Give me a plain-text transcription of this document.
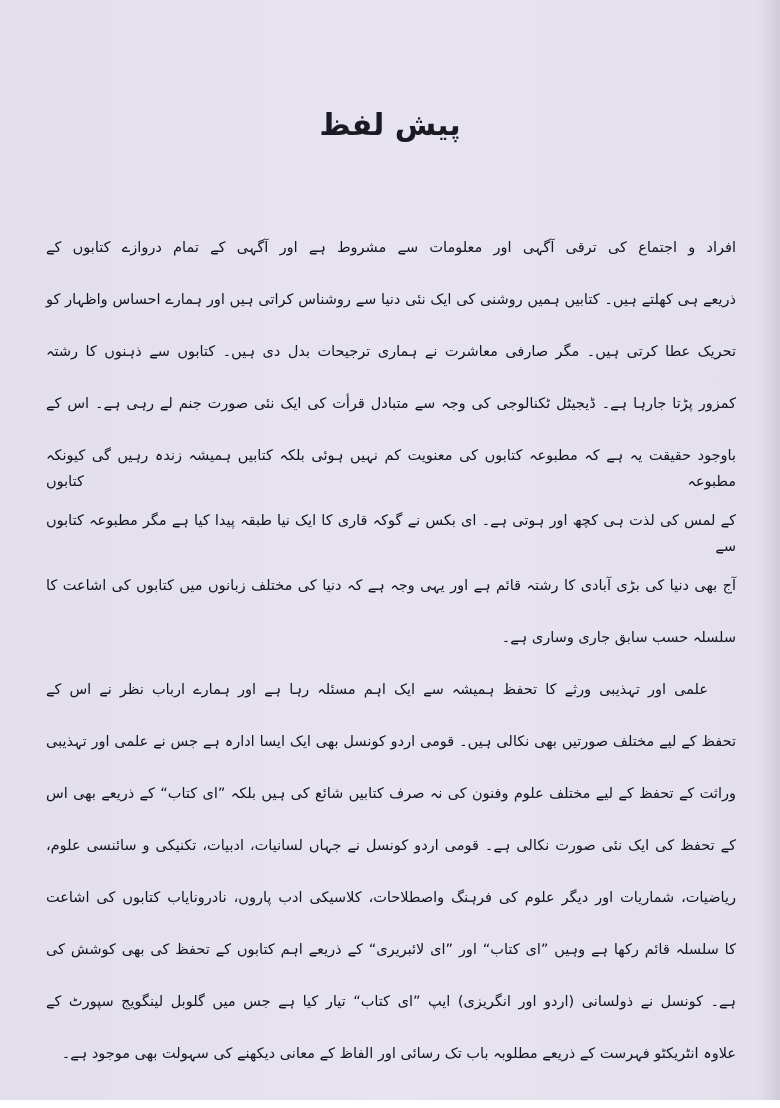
پیش لفظ
افراد و اجتماع کی ترقی آگہی اور معلومات سے مشروط ہے اور آگہی کے تمام دروازے کتابوں کے
ذریعے ہی کھلتے ہیں۔ کتابیں ہمیں روشنی کی ایک نئی دنیا سے روشناس کراتی ہیں اور ہمارے احساس واظہار کو
تحریک عطا کرتی ہیں۔ مگر صارفی معاشرت نے ہماری ترجیحات بدل دی ہیں۔ کتابوں سے ذہنوں کا رشتہ
کمزور پڑتا جارہا ہے۔ ڈیجیٹل ٹکنالوجی کی وجہ سے متبادل قرأت کی ایک نئی صورت جنم لے رہی ہے۔ اس کے
باوجود حقیقت یہ ہے کہ مطبوعہ کتابوں کی معنویت کم نہیں ہوئی بلکہ کتابیں ہمیشہ زندہ رہیں گی کیونکہ مطبوعہ کتابوں
کے لمس کی لذت ہی کچھ اور ہوتی ہے۔ ای بکس نے گوکہ قاری کا ایک نیا طبقہ پیدا کیا ہے مگر مطبوعہ کتابوں سے
آج بھی دنیا کی بڑی آبادی کا رشتہ قائم ہے اور یہی وجہ ہے کہ دنیا کی مختلف زبانوں میں کتابوں کی اشاعت کا
سلسلہ حسب سابق جاری وساری ہے۔
علمی اور تہذیبی ورثے کا تحفظ ہمیشہ سے ایک اہم مسئلہ رہا ہے اور ہمارے ارباب نظر نے اس کے
تحفظ کے لیے مختلف صورتیں بھی نکالی ہیں۔ قومی اردو کونسل بھی ایک ایسا ادارہ ہے جس نے علمی اور تہذیبی
وراثت کے تحفظ کے لیے مختلف علوم وفنون کی نہ صرف کتابیں شائع کی ہیں بلکہ ”ای کتاب“ کے ذریعے بھی اس
کے تحفظ کی ایک نئی صورت نکالی ہے۔ قومی اردو کونسل نے جہاں لسانیات، ادبیات، تکنیکی و سائنسی علوم،
ریاضیات، شماریات اور دیگر علوم کی فرہنگ واصطلاحات، کلاسیکی ادب پاروں، نادرونایاب کتابوں کی اشاعت
کا سلسلہ قائم رکھا ہے وہیں ”ای کتاب“ اور ”ای لائبریری“ کے ذریعے اہم کتابوں کے تحفظ کی بھی کوشش کی
ہے۔ کونسل نے ذولسانی (اردو اور انگریزی) ایپ ”ای کتاب“ تیار کیا ہے جس میں گلوبل لینگویج سپورٹ کے
علاوہ انٹریکٹو فہرست کے ذریعے مطلوبہ باب تک رسائی اور الفاظ کے معانی دیکھنے کی سہولت بھی موجود ہے۔
